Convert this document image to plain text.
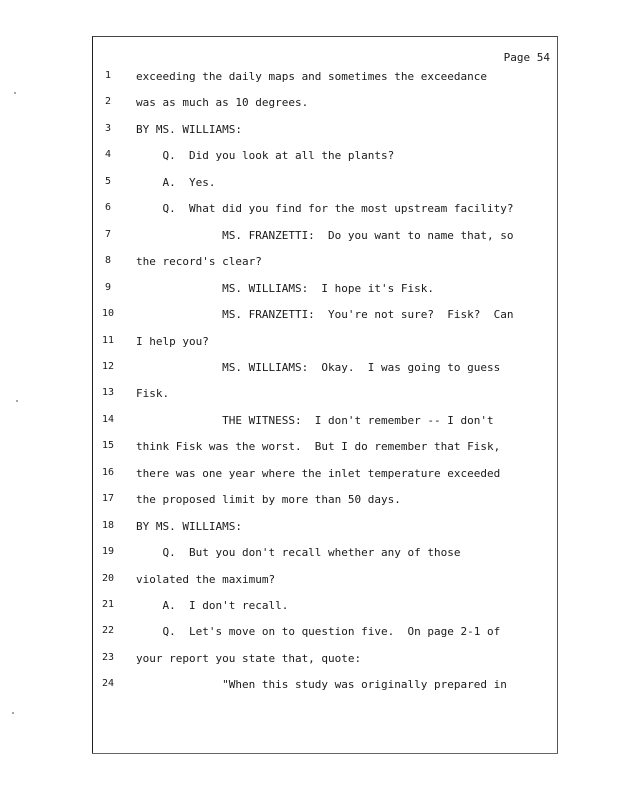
Page 54
1	exceeding the daily maps and sometimes the exceedance
2	was as much as 10 degrees.
3	BY MS. WILLIAMS:
4	Q.  Did you look at all the plants?
5	A.  Yes.
6	Q.  What did you find for the most upstream facility?
7	MS. FRANZETTI:  Do you want to name that, so
8	the record's clear?
9	MS. WILLIAMS:  I hope it's Fisk.
10 MS. FRANZETTI:  You're not sure?  Fisk?  Can
11 I help you?
12 MS. WILLIAMS:  Okay.  I was going to guess
13 Fisk.
14 THE WITNESS:  I don't remember -- I don't
15 think Fisk was the worst.  But I do remember that Fisk,
16 there was one year where the inlet temperature exceeded
17 the proposed limit by more than 50 days.
18 BY MS. WILLIAMS:
19 Q.  But you don't recall whether any of those
20 violated the maximum?
21 A.  I don't recall.
22 Q.  Let's move on to question five.  On page 2-1 of
23 your report you state that, quote:
24 "When this study was originally prepared in
